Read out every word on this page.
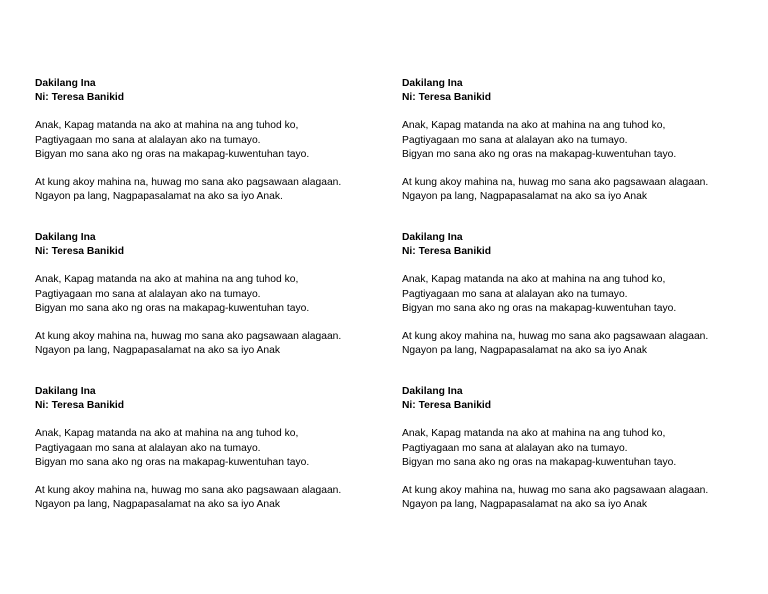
Dakilang Ina
Ni: Teresa Banikid
Anak, Kapag matanda na ako at mahina na ang tuhod ko,
Pagtiyagaan mo sana at alalayan ako na tumayo.
Bigyan mo sana ako ng oras na makapag-kuwentuhan tayo.
At kung akoy mahina na, huwag mo sana ako pagsawaan alagaan.
Ngayon pa lang, Nagpapasalamat na ako sa iyo Anak.
Dakilang Ina
Ni: Teresa Banikid
Anak, Kapag matanda na ako at mahina na ang tuhod ko,
Pagtiyagaan mo sana at alalayan ako na tumayo.
Bigyan mo sana ako ng oras na makapag-kuwentuhan tayo.
At kung akoy mahina na, huwag mo sana ako pagsawaan alagaan.
Ngayon pa lang, Nagpapasalamat na ako sa iyo Anak
Dakilang Ina
Ni: Teresa Banikid
Anak, Kapag matanda na ako at mahina na ang tuhod ko,
Pagtiyagaan mo sana at alalayan ako na tumayo.
Bigyan mo sana ako ng oras na makapag-kuwentuhan tayo.
At kung akoy mahina na, huwag mo sana ako pagsawaan alagaan.
Ngayon pa lang, Nagpapasalamat na ako sa iyo Anak
Dakilang Ina
Ni: Teresa Banikid
Anak, Kapag matanda na ako at mahina na ang tuhod ko,
Pagtiyagaan mo sana at alalayan ako na tumayo.
Bigyan mo sana ako ng oras na makapag-kuwentuhan tayo.
At kung akoy mahina na, huwag mo sana ako pagsawaan alagaan.
Ngayon pa lang, Nagpapasalamat na ako sa iyo Anak
Dakilang Ina
Ni: Teresa Banikid
Anak, Kapag matanda na ako at mahina na ang tuhod ko,
Pagtiyagaan mo sana at alalayan ako na tumayo.
Bigyan mo sana ako ng oras na makapag-kuwentuhan tayo.
At kung akoy mahina na, huwag mo sana ako pagsawaan alagaan.
Ngayon pa lang, Nagpapasalamat na ako sa iyo Anak
Dakilang Ina
Ni: Teresa Banikid
Anak, Kapag matanda na ako at mahina na ang tuhod ko,
Pagtiyagaan mo sana at alalayan ako na tumayo.
Bigyan mo sana ako ng oras na makapag-kuwentuhan tayo.
At kung akoy mahina na, huwag mo sana ako pagsawaan alagaan.
Ngayon pa lang, Nagpapasalamat na ako sa iyo Anak
